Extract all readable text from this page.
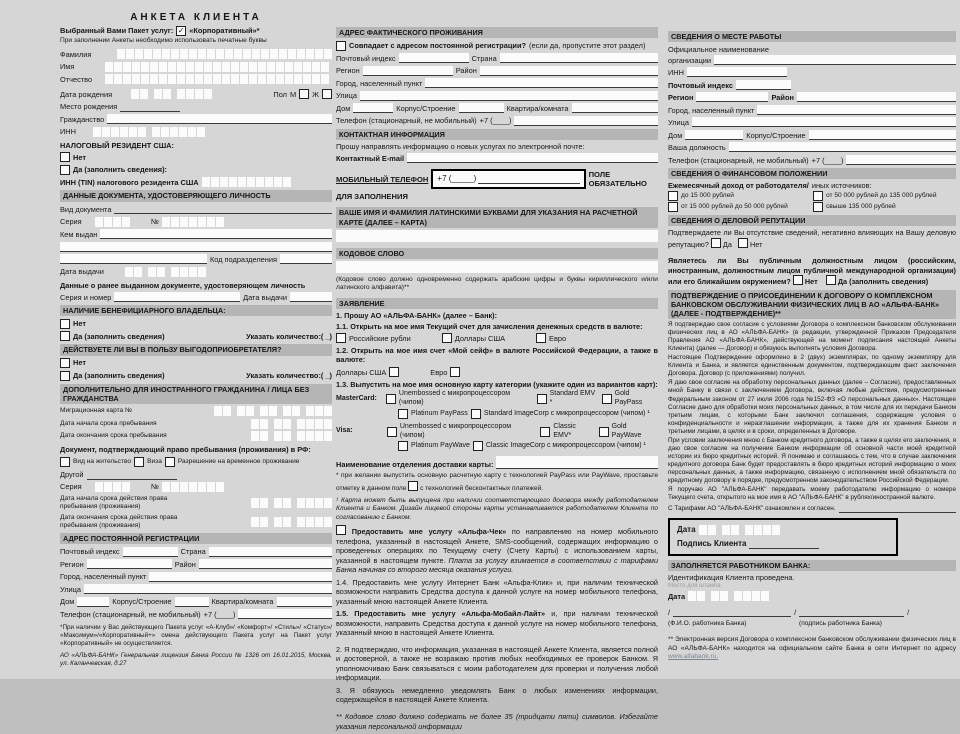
АНКЕТА КЛИЕНТА
Выбранный Вами Пакет услуг: ✓ «Корпоративный»*
При заполнении Анкеты необходимо использовать печатные буквы
Фамилия
Имя
Отчество
Дата рождения	Пол М Ж
Место рождения
Гражданство
ИНН
НАЛОГОВЫЙ РЕЗИДЕНТ США:
Нет
Да (заполнить сведения):
ИНН (TIN) налогового резидента США
ДАННЫЕ ДОКУМЕНТА, УДОСТОВЕРЯЮЩЕГО ЛИЧНОСТЬ
Вид документа
Серия	№
Кем выдан
Код подразделения
Дата выдачи
Данные о ранее выданном документе, удостоверяющем личность
Серия и номер	Дата выдачи
НАЛИЧИЕ БЕНЕФИЦИАРНОГО ВЛАДЕЛЬЦА:
Нет
Да (заполнить сведения)	Указать количество:( _)
ДЕЙСТВУЕТЕ ЛИ ВЫ В ПОЛЬЗУ ВЫГОДОПРИОБРЕТАТЕЛЯ?
Нет
Да (заполнить сведения)	Указать количество:( _)
ДОПОЛНИТЕЛЬНО ДЛЯ ИНОСТРАННОГО ГРАЖДАНИНА / ЛИЦА БЕЗ ГРАЖДАНСТВА
Миграционная карта №
Дата начала срока пребывания
Дата окончания срока пребывания
Документ, подтверждающий право пребывания (проживания) в РФ:
Вид на жительство Виза Разрешение на временное проживание
Другой
Серия	№
Дата начала срока действия права пребывания (проживания)
Дата окончания срока действия права пребывания (проживания)
АДРЕС ПОСТОЯННОЙ РЕГИСТРАЦИИ
Почтовый индекс	Страна
Регион	Район
Город, населенный пункт
Улица
Дом	Корпус/Строение	Квартира/комната
Телефон (стационарный, не мобильный) +7 (____)
*При наличии у Вас действующего Пакета услуг «А-Клуб»/ «Комфорт»/ «Стиль»/ «Статус»/ «Максимум»/«Корпоративный+» смена действующего Пакета услуг на Пакет услуг «Корпоративный» не осуществляется.
АО «АЛЬФА-БАНК» Генеральная лицензия Банка России № 1326 от 16.01.2015, Москва, ул. Каланчевская, д.27
АДРЕС ФАКТИЧЕСКОГО ПРОЖИВАНИЯ
Совпадает с адресом постоянной регистрации? (если да, пропустите этот раздел)
Почтовый индекс	Страна
Регион	Район
Город, населенный пункт
Улица
Дом	Корпус/Строение	Квартира/комната
Телефон (стационарный, не мобильный) +7 (____)
КОНТАКТНАЯ ИНФОРМАЦИЯ
Прошу направлять информацию о новых услугах по электронной почте:
Контактный E-mail
МОБИЛЬНЫЙ ТЕЛЕФОН +7 (_____)	ПОЛЕ ОБЯЗАТЕЛЬНО
ДЛЯ ЗАПОЛНЕНИЯ
ВАШЕ ИМЯ И ФАМИЛИЯ ЛАТИНСКИМИ БУКВАМИ ДЛЯ УКАЗАНИЯ НА РАСЧЕТНОЙ КАРТЕ (ДАЛЕЕ – КАРТА)
КОДОВОЕ СЛОВО
(Кодовое слово должно одновременно содержать арабские цифры и буквы кириллического и/или латинского алфавита)**
ЗАЯВЛЕНИЕ
1. Прошу АО «АЛЬФА-БАНК» (далее – Банк):
1.1. Открыть на мое имя Текущий счет для зачисления денежных средств в валюте:
Российские рубли	Доллары США	Евро
1.2. Открыть на мое имя счет «Мой сейф» в валюте Российской Федерации, а также в валюте:
Доллары США	Евро
1.3. Выпустить на мое имя основную карту категории (укажите один из вариантов карт):
MasterCard:
Unembossed с микропроцессором (чипом)
Standard EMV *
Gold PayPass
Platinum PayPass Standard ImageCorp с микропроцессором (чипом) ¹
Visa:
Unembossed с микропроцессором (чипом)
Classic EMV*
Gold PayWave
Platinum PayWave Classic ImageCorp с микропроцессором (чипом) ¹
Наименование отделения доставки карты:
* при желании выпустить основную расчетную карту с технологией PayPass или PayWave, проставьте отметку в данном поле с технологией бесконтактных платежей.
¹ Карта может быть выпущена при наличии соответствующего договора между работодателем Клиента и Банком. Дизайн лицевой стороны карты устанавливается работодателем Клиента по согласованию с Банком.
Предоставить мне услугу «Альфа-Чек» по направлению на номер мобильного телефона, указанный в настоящей Анкете, SMS-сообщений, содержащих информацию о проведенных операциях по Текущему счету (Счету Карты) с использованием карты, указанной в настоящем пункте. Плата за услугу взимается в соответствии с тарифами Банка начиная со второго месяца оказания услуги.
1.4. Предоставить мне услугу Интернет Банк «Альфа-Клик» и, при наличии технической возможности направить Средства доступа к данной услуге на номер мобильного телефона, указанный мною настоящей Анкете Клиента.
1.5. Предоставить мне услугу «Альфа-Мобайл-Лайт» и, при наличии технической возможности, направить Средства доступа к данной услуге на номер мобильного телефона, указанный мною в настоящей Анкете Клиента.
2. Я подтверждаю, что информация, указанная в настоящей Анкете Клиента, является полной и достоверной, а также не возражаю против любых необходимых ее проверок Банком. Я уполномочиваю Банк связываться с моим работодателем для проверки и получения любой информации.
3. Я обязуюсь немедленно уведомлять Банк о любых изменениях информации, содержащейся в настоящей Анкете Клиента.
** Кодовое слово должно содержать не более 35 (тридцати пяти) символов. Избегайте указания персональной информации
СВЕДЕНИЯ О МЕСТЕ РАБОТЫ
Официальное наименование
организации
ИНН
Почтовый индекс
Регион	Район
Город, населенный пункт
Улица
Дом	Корпус/Строение
Ваша должность
Телефон (стационарный, не мобильный) +7 (____)
СВЕДЕНИЯ О ФИНАНСОВОМ ПОЛОЖЕНИИ
Ежемесячный доход от работодателя/ иных источников:
до 15 000 рублей	от 50 000 рублей до 135 000 рублей
от 15 000 рублей до 50 000 рублей	свыше 135 000 рублей
СВЕДЕНИЯ О ДЕЛОВОЙ РЕПУТАЦИИ
Подтверждаете ли Вы отсутствие сведений, негативно влияющих на Вашу деловую репутацию? Да Нет
Являетесь ли Вы публичным должностным лицом (российским, иностранным, должностным лицом публичной международной организации) или его ближайшим окружением? Нет	Да (заполнить сведения)
ПОДТВЕРЖДЕНИЕ О ПРИСОЕДИНЕНИИ К ДОГОВОРУ О КОМПЛЕКСНОМ БАНКОВСКОМ ОБСЛУЖИВАНИИ ФИЗИЧЕСКИХ ЛИЦ В АО «АЛЬФА-БАНК» (ДАЛЕЕ - ПОДТВЕРЖДЕНИЕ)**
Я подтверждаю свое согласие с условиями Договора о комплексном банковском обслуживании физических лиц в АО «АЛЬФА-БАНК» (в редакции, утвержденной Приказом Председателя Правления АО «АЛЬФА-БАНК», действующей на момент подписания настоящей Анкеты Клиента) (далее — Договор) и обязуюсь выполнять условия Договора.
Настоящее Подтверждение оформлено в 2 (двух) экземплярах, по одному экземпляру для Клиента и Банка, и является единственным документом, подтверждающим факт заключения Договора. Договор (с приложениями) получил.
Я даю свое согласие на обработку персональных данных (далее – Согласие), предоставленных мной Банку в связи с заключением Договора, включая любые действия, предусмотренные Федеральным законом от 27 июля 2006 года №152-ФЗ «О персональных данных». Настоящее Согласие дано для обработки моих персональных данных, в том числе для их передачи Банком третьим лицам, с которыми Банк заключил соглашения, содержащие условия о конфиденциальности и неразглашении информации, а также для их хранения Банком и третьими лицами, в целях и в сроки, определенных в Договоре.
При условии заключения мною с Банком кредитного договора, а также в целях его заключения, я даю свое согласие на получение Банком информации об основной части моей кредитной истории из бюро кредитных историй. Я понимаю и соглашаюсь с тем, что в случае заключения кредитного договора Банк будет предоставлять в бюро кредитных историй информацию о моих персональных данных, а также информацию, связанную с исполнением мной обязательств по кредитному договору в порядке, предусмотренном законодательством Российской Федерации.
Я поручаю АО "АЛЬФА-БАНК" передавать моему работодателю информацию о номере Текущего счета, открытого на мое имя в АО "АЛЬФА-БАНК" в рублях/иностранной валюте.
С Тарифами АО "АЛЬФА-БАНК" ознакомлен и согласен.
Дата
Подпись Клиента
ЗАПОЛНЯЕТСЯ РАБОТНИКОМ БАНКА:
Идентификация Клиента проведена.
Место для штампа
Дата
/	/	/
(Ф.И.О. работника Банка)	(подпись работника Банка)
** Электронная версия Договора о комплексном банковском обслуживании физических лиц в АО «АЛЬФА-БАНК» находится на официальном сайте Банка в сети Интернет по адресу www.alfabank.ru.
